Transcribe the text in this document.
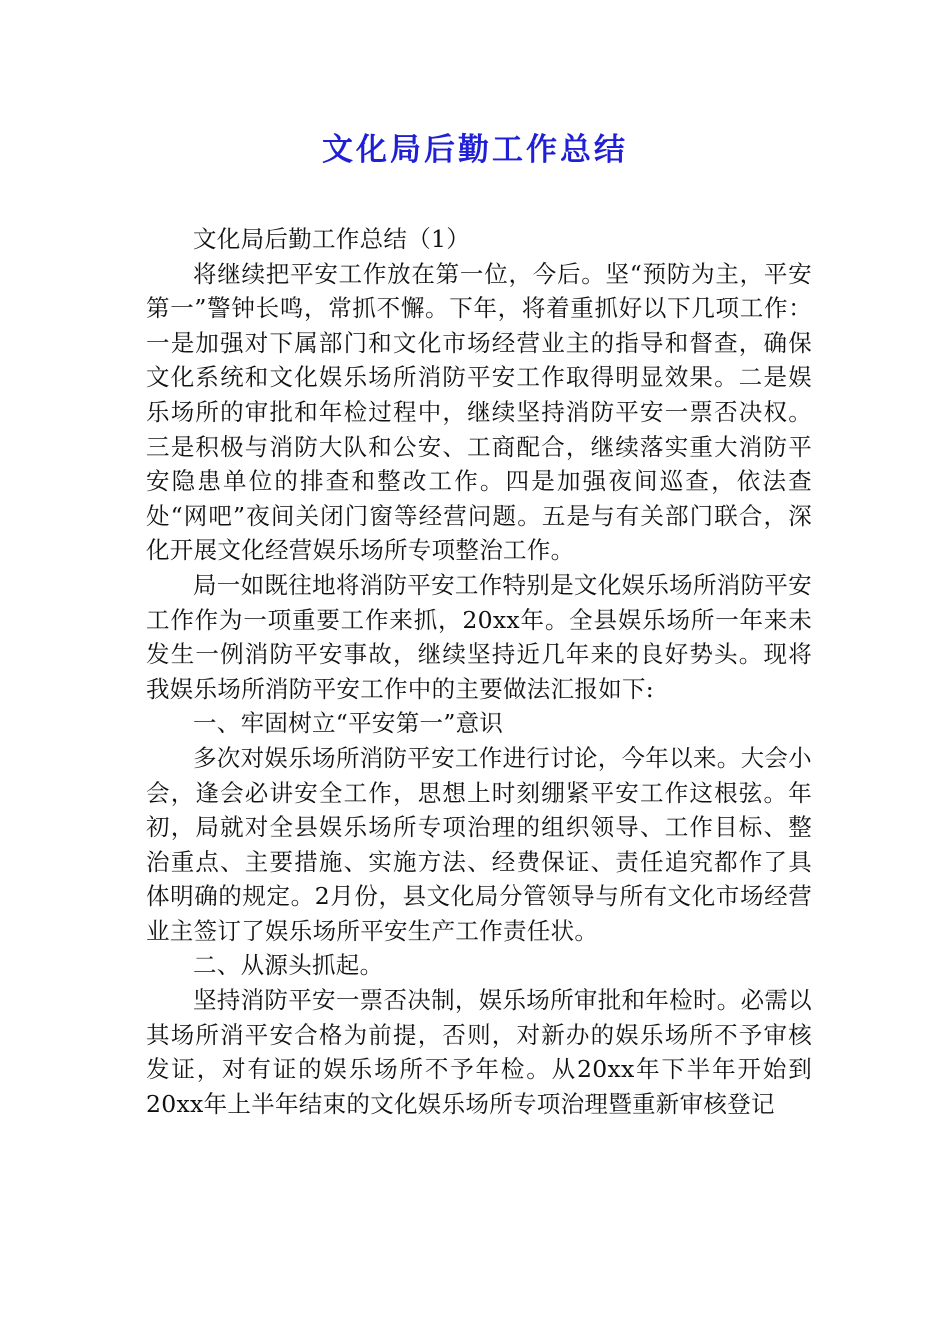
文化局后勤工作总结

文化局后勤工作总结（1）

将继续把平安工作放在第一位，今后。坚“预防为主，平安第一”警钟长鸣，常抓不懈。下年，将着重抓好以下几项工作：一是加强对下属部门和文化市场经营业主的指导和督查，确保文化系统和文化娱乐场所消防平安工作取得明显效果。二是娱乐场所的审批和年检过程中，继续坚持消防平安一票否决权。三是积极与消防大队和公安、工商配合，继续落实重大消防平安隐患单位的排查和整改工作。四是加强夜间巡查，依法查处“网吧”夜间关闭门窗等经营问题。五是与有关部门联合，深化开展文化经营娱乐场所专项整治工作。

局一如既往地将消防平安工作特别是文化娱乐场所消防平安工作作为一项重要工作来抓，20xx年。全县娱乐场所一年来未发生一例消防平安事故，继续坚持近几年来的良好势头。现将我娱乐场所消防平安工作中的主要做法汇报如下:

一、牢固树立“平安第一”意识

多次对娱乐场所消防平安工作进行讨论，今年以来。大会小会，逢会必讲安全工作，思想上时刻绷紧平安工作这根弦。年初，局就对全县娱乐场所专项治理的组织领导、工作目标、整治重点、主要措施、实施方法、经费保证、责任追究都作了具体明确的规定。2月份，县文化局分管领导与所有文化市场经营业主签订了娱乐场所平安生产工作责任状。

二、从源头抓起。

坚持消防平安一票否决制，娱乐场所审批和年检时。必需以其场所消平安合格为前提，否则，对新办的娱乐场所不予审核发证，对有证的娱乐场所不予年检。从20xx年下半年开始到20xx年上半年结束的文化娱乐场所专项治理暨重新审核登记
